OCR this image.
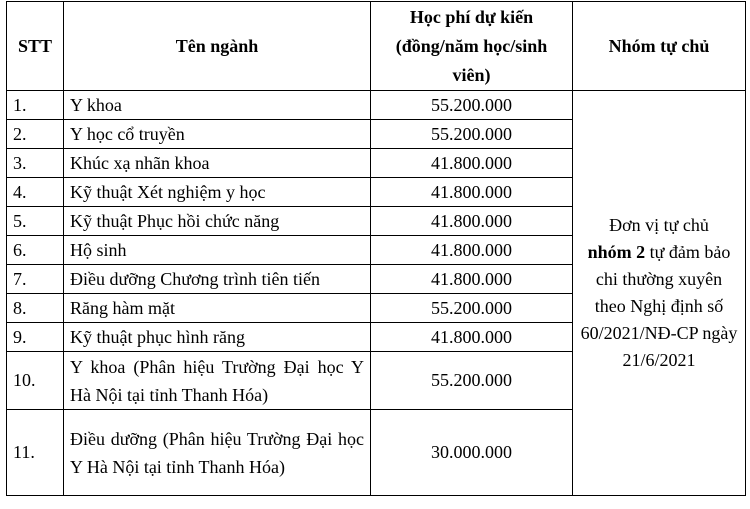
STT	Tên ngành	Học phí dự kiến (đồng/năm học/sinh viên)	Nhóm tự chủ
1.	Y khoa	55.200.000	Đơn vị tự chủ
nhóm 2 tự đảm bảo chi thường xuyên theo Nghị định số 60/2021/NĐ-CP ngày 21/6/2021
2.	Y học cổ truyền	55.200.000	
3.	Khúc xạ nhãn khoa	41.800.000	
4.	Kỹ thuật Xét nghiệm y học	41.800.000	
5.	Kỹ thuật Phục hồi chức năng	41.800.000	
6.	Hộ sinh	41.800.000	
7.	Điều dưỡng Chương trình tiên tiến	41.800.000	
8.	Răng hàm mặt	55.200.000	
9.	Kỹ thuật phục hình răng	41.800.000	
10.	Y khoa (Phân hiệu Trường Đại học Y Hà Nội tại tỉnh Thanh Hóa)	55.200.000	
11.	Điều dưỡng (Phân hiệu Trường Đại học Y Hà Nội tại tỉnh Thanh Hóa)	30.000.000	
